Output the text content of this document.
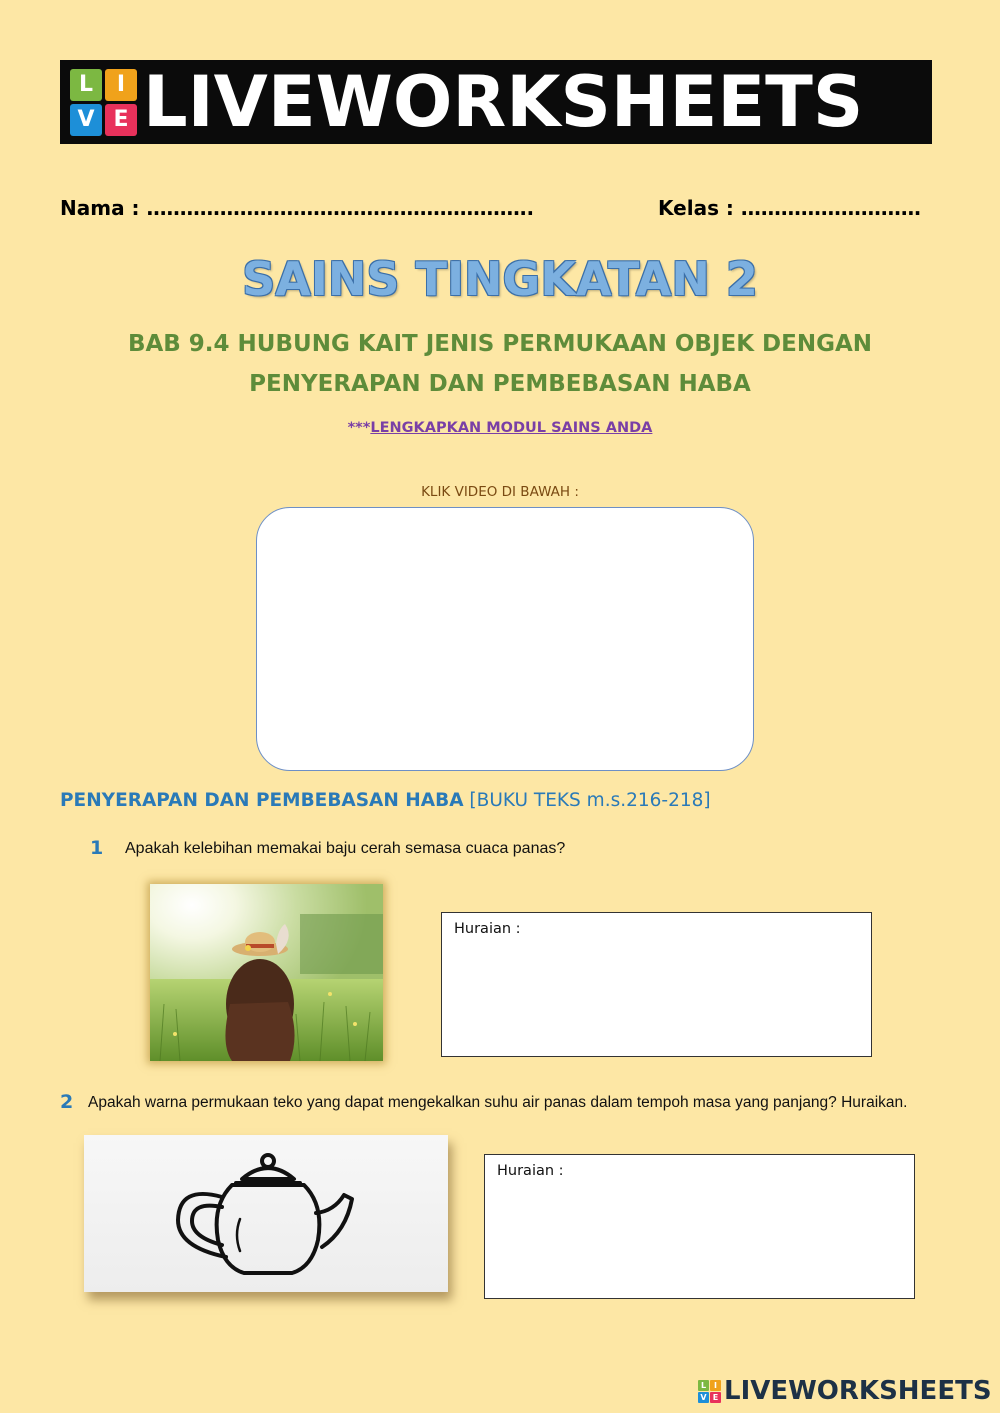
L	I
V E LIVEWORKSHEETS
Nama : ………………………………………………….	Kelas : ………………………
SAINS TINGKATAN 2
BAB 9.4 HUBUNG KAIT JENIS PERMUKAAN OBJEK DENGAN
PENYERAPAN DAN PEMBEBASAN HABA
***LENGKAPKAN MODUL SAINS ANDA
KLIK VIDEO DI BAWAH :
PENYERAPAN DAN PEMBEBASAN HABA [BUKU TEKS m.s.216-218]
1 Apakah kelebihan memakai baju cerah semasa cuaca panas?
Huraian :
2 Apakah warna permukaan teko yang dapat mengekalkan suhu air panas dalam tempoh masa yang panjang? Huraikan.
Huraian :
L I
V E LIVEWORKSHEETS
